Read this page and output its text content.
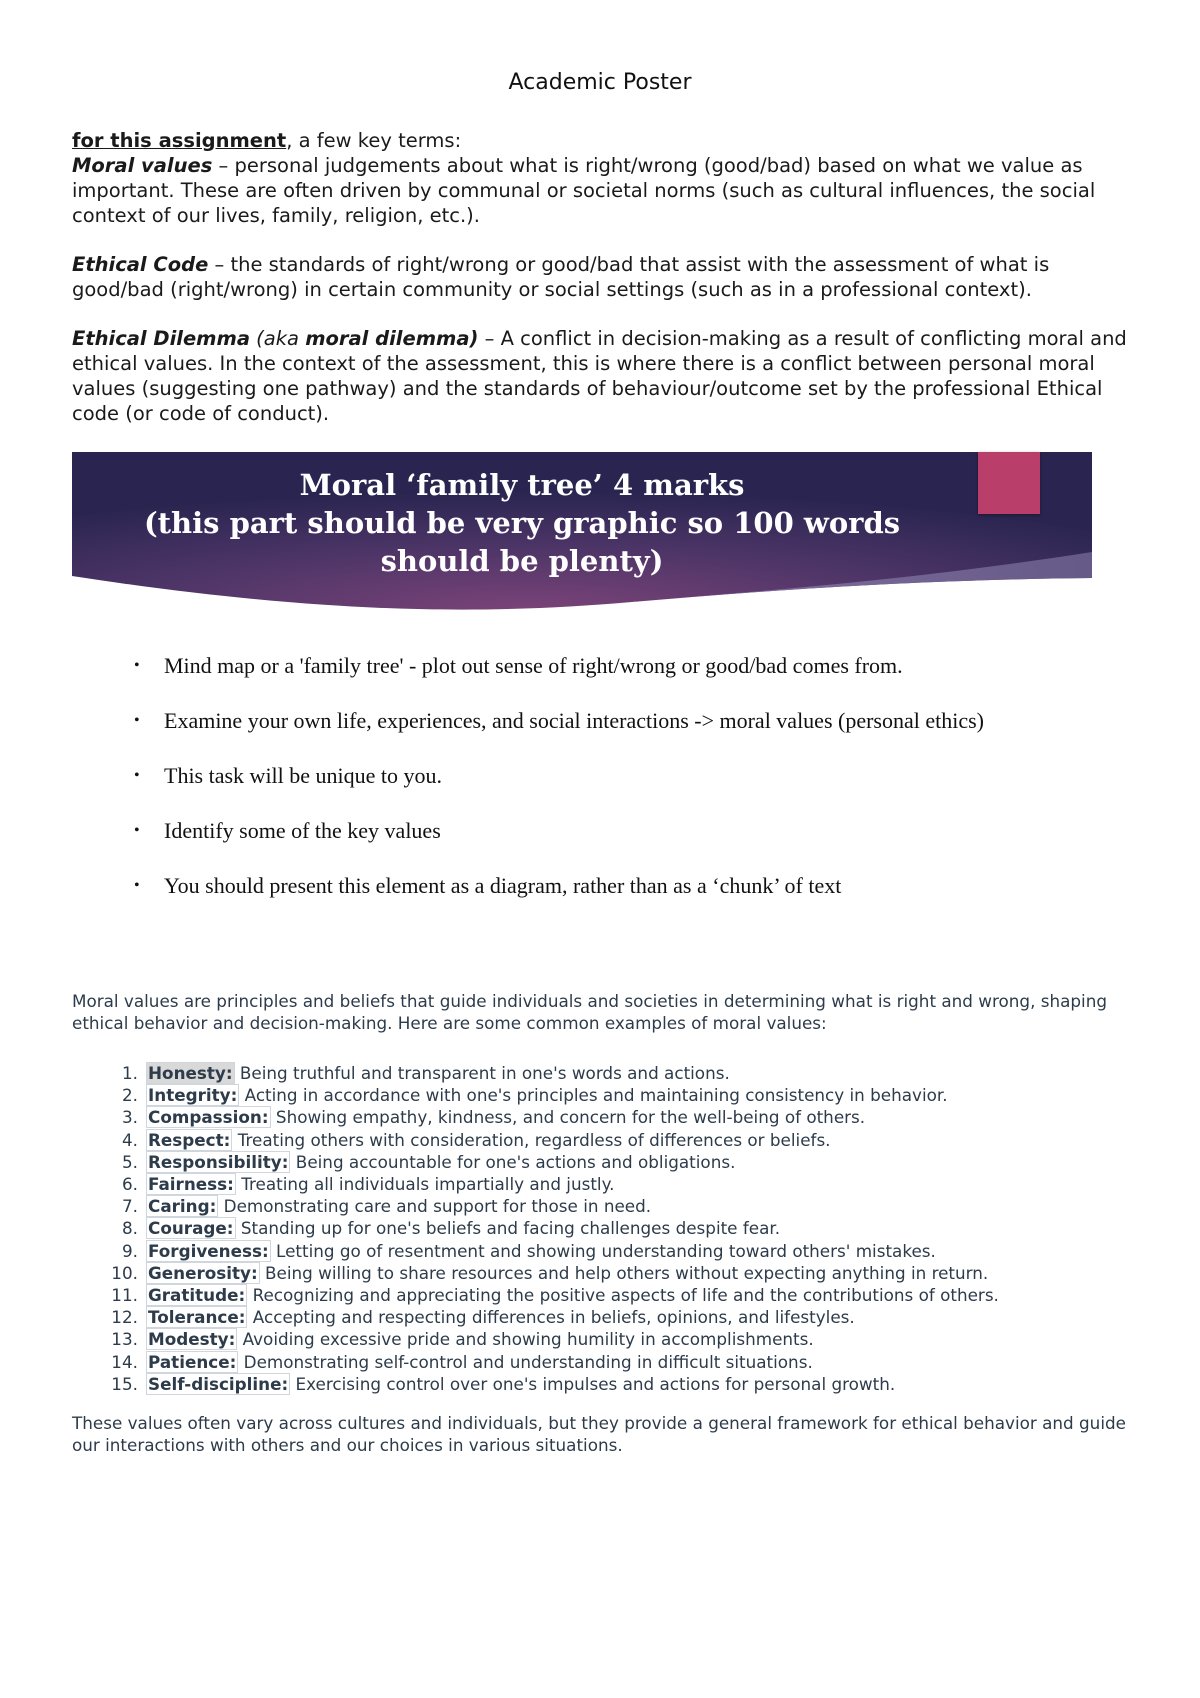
Academic Poster

for this assignment, a few key terms:

Moral values – personal judgements about what is right/wrong (good/bad) based on what we value as important. These are often driven by communal or societal norms (such as cultural influences, the social context of our lives, family, religion, etc.).

Ethical Code – the standards of right/wrong or good/bad that assist with the assessment of what is good/bad (right/wrong) in certain community or social settings (such as in a professional context).

Ethical Dilemma (aka moral dilemma) – A conflict in decision-making as a result of conflicting moral and ethical values. In the context of the assessment, this is where there is a conflict between personal moral values (suggesting one pathway) and the standards of behaviour/outcome set by the professional Ethical code (or code of conduct).

Moral ‘family tree’ 4 marks
(this part should be very graphic so 100 words
should be plenty)
• Mind map or a 'family tree' - plot out sense of right/wrong or good/bad comes from.
• Examine your own life, experiences, and social interactions -> moral values (personal ethics)
• This task will be unique to you.
• Identify some of the key values
• You should present this element as a diagram, rather than as a ‘chunk’ of text

Moral values are principles and beliefs that guide individuals and societies in determining what is right and wrong, shaping ethical behavior and decision-making. Here are some common examples of moral values:

1. Honesty: Being truthful and transparent in one's words and actions.
2. Integrity: Acting in accordance with one's principles and maintaining consistency in behavior.
3. Compassion: Showing empathy, kindness, and concern for the well-being of others.
4. Respect: Treating others with consideration, regardless of differences or beliefs.
5. Responsibility: Being accountable for one's actions and obligations.
6. Fairness: Treating all individuals impartially and justly.
7. Caring: Demonstrating care and support for those in need.
8. Courage: Standing up for one's beliefs and facing challenges despite fear.
9. Forgiveness: Letting go of resentment and showing understanding toward others' mistakes.
10. Generosity: Being willing to share resources and help others without expecting anything in return.
11. Gratitude: Recognizing and appreciating the positive aspects of life and the contributions of others.
12. Tolerance: Accepting and respecting differences in beliefs, opinions, and lifestyles.
13. Modesty: Avoiding excessive pride and showing humility in accomplishments.
14. Patience: Demonstrating self-control and understanding in difficult situations.
15. Self-discipline: Exercising control over one's impulses and actions for personal growth.

These values often vary across cultures and individuals, but they provide a general framework for ethical behavior and guide our interactions with others and our choices in various situations.
